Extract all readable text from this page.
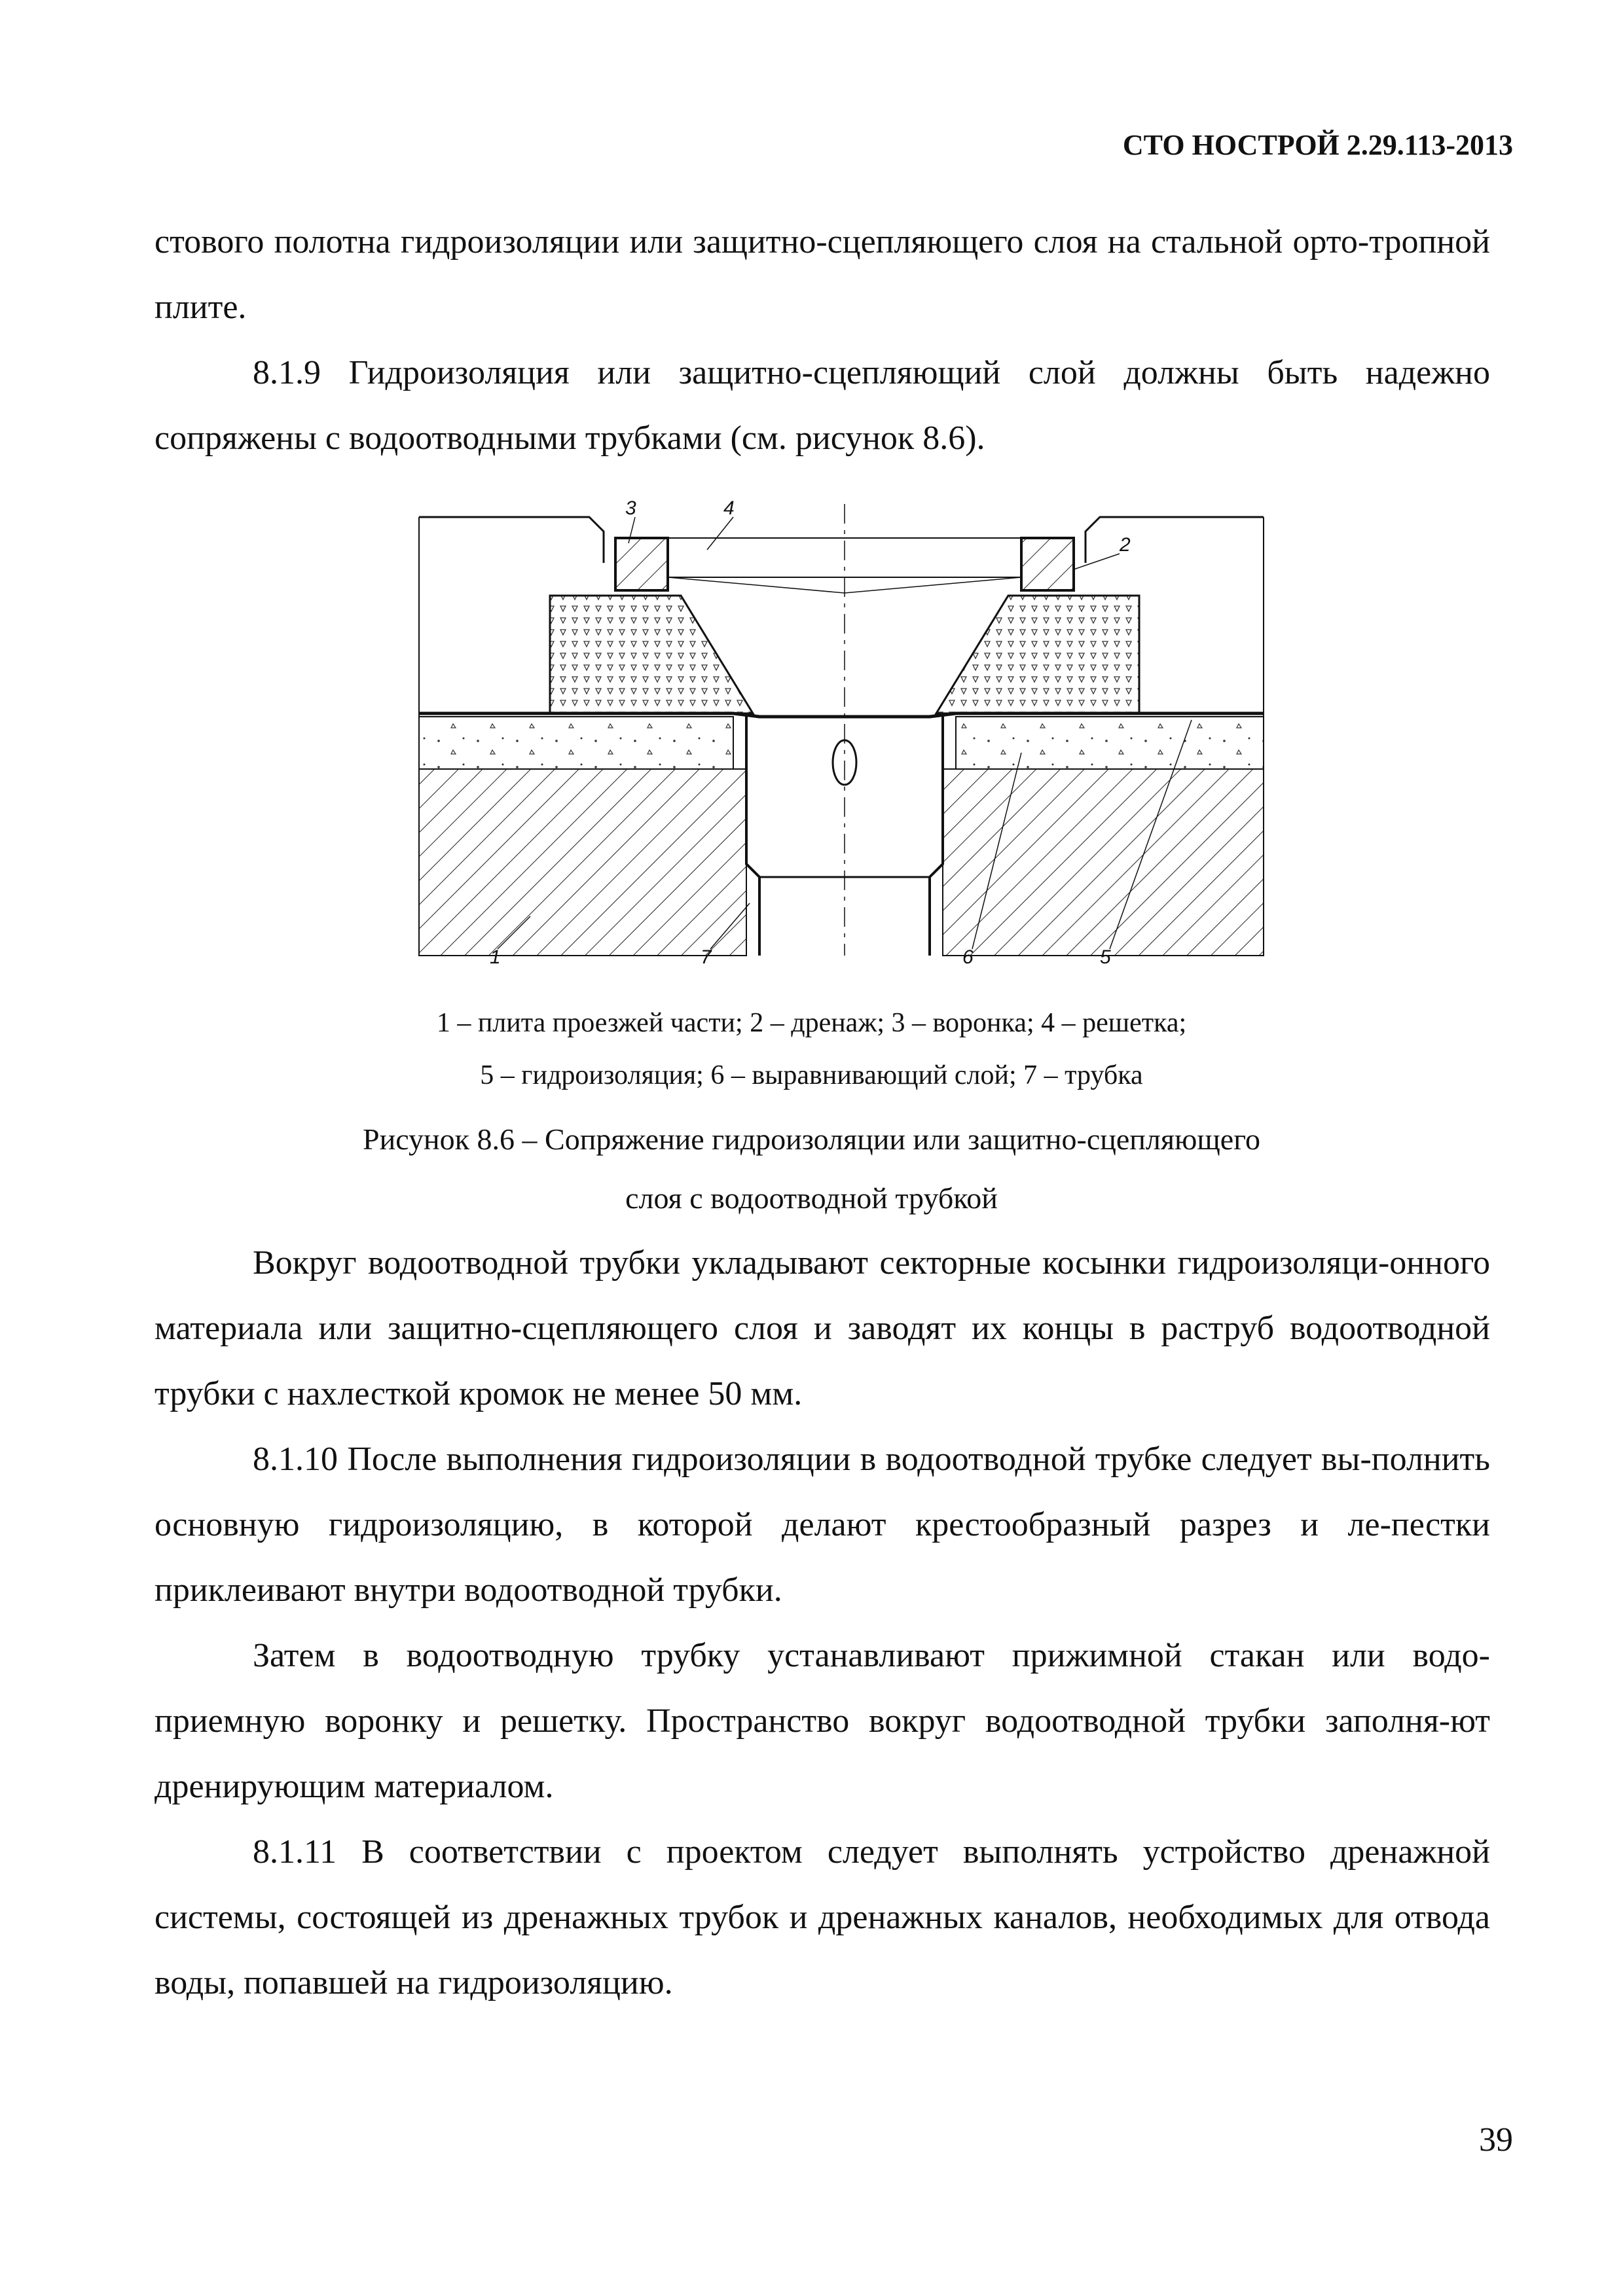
СТО НОСТРОЙ 2.29.113-2013

стового полотна гидроизоляции или защитно-сцепляющего слоя на стальной орто-тропной плите.

8.1.9 Гидроизоляция или защитно-сцепляющий слой должны быть надежно сопряжены с водоотводными трубками (см. рисунок 8.6).

3	4
2
1	7	6	5
1 – плита проезжей части; 2 – дренаж; 3 – воронка; 4 – решетка;
5 – гидроизоляция; 6 – выравнивающий слой; 7 – трубка
Рисунок 8.6 – Сопряжение гидроизоляции или защитно-сцепляющего
слоя с водоотводной трубкой

Вокруг водоотводной трубки укладывают секторные косынки гидроизоляци-онного материала или защитно-сцепляющего слоя и заводят их концы в раструб водоотводной трубки с нахлесткой кромок не менее 50 мм.

8.1.10 После выполнения гидроизоляции в водоотводной трубке следует вы-полнить основную гидроизоляцию, в которой делают крестообразный разрез и ле-пестки приклеивают внутри водоотводной трубки.

Затем в водоотводную трубку устанавливают прижимной стакан или водо-приемную воронку и решетку. Пространство вокруг водоотводной трубки заполня-ют дренирующим материалом.

8.1.11 В соответствии с проектом следует выполнять устройство дренажной системы, состоящей из дренажных трубок и дренажных каналов, необходимых для отвода воды, попавшей на гидроизоляцию.

39
